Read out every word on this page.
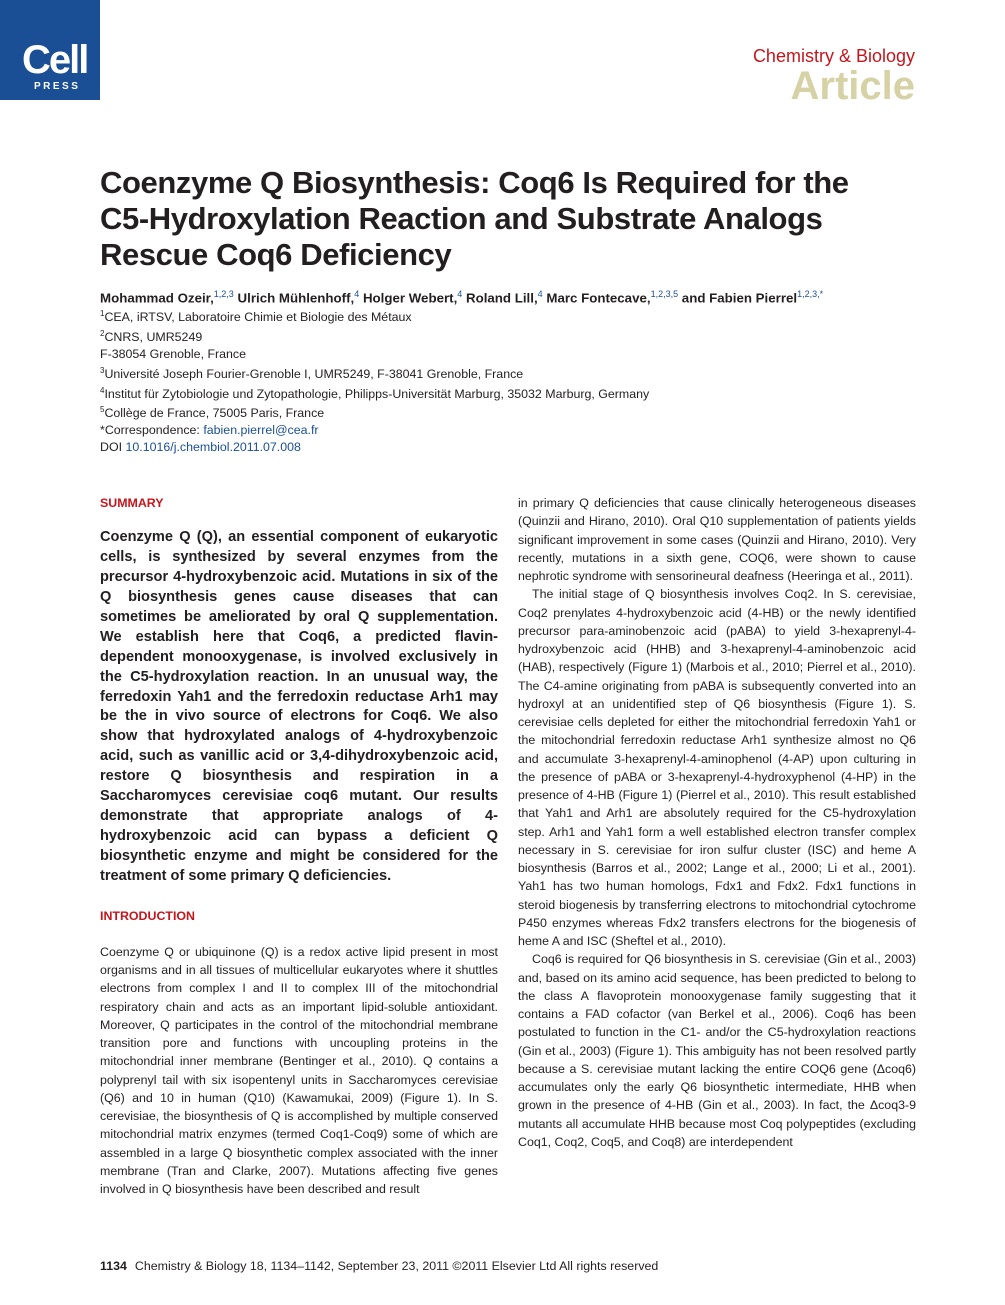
Cell
PRESS
Chemistry & Biology
Article
Coenzyme Q Biosynthesis: Coq6 Is Required for the C5-Hydroxylation Reaction and Substrate Analogs Rescue Coq6 Deficiency
Mohammad Ozeir,$^{1,2,3}$ Ulrich Mühlenhoff,$^4$ Holger Webert,$^4$ Roland Lill,$^4$ Marc Fontecave,$^{1,2,3,5}$ and Fabien Pierrel$^{1,2,3,*}$
$^1$CEA, iRTSV, Laboratoire Chimie et Biologie des Métaux
$^2$CNRS, UMR5249
F-38054 Grenoble, France
$^3$Université Joseph Fourier-Grenoble I, UMR5249, F-38041 Grenoble, France
$^4$Institut für Zytobiologie und Zytopathologie, Philipps-Universität Marburg, 35032 Marburg, Germany
$^5$Collège de France, 75005 Paris, France
*Correspondence: fabien.pierrel@cea.fr
DOI 10.1016/j.chembiol.2011.07.008
SUMMARY

Coenzyme Q (Q), an essential component of eukaryotic cells, is synthesized by several enzymes from the precursor 4-hydroxybenzoic acid. Mutations in six of the Q biosynthesis genes cause diseases that can sometimes be ameliorated by oral Q supplementation. We establish here that Coq6, a predicted flavin-dependent monooxygenase, is involved exclusively in the C5-hydroxylation reaction. In an unusual way, the ferredoxin Yah1 and the ferredoxin reductase Arh1 may be the in vivo source of electrons for Coq6. We also show that hydroxylated analogs of 4-hydroxybenzoic acid, such as vanillic acid or 3,4-dihydroxybenzoic acid, restore Q biosynthesis and respiration in a Saccharomyces cerevisiae coq6 mutant. Our results demonstrate that appropriate analogs of 4-hydroxybenzoic acid can bypass a deficient Q biosynthetic enzyme and might be considered for the treatment of some primary Q deficiencies.

INTRODUCTION

Coenzyme Q or ubiquinone (Q) is a redox active lipid present in most organisms and in all tissues of multicellular eukaryotes where it shuttles electrons from complex I and II to complex III of the mitochondrial respiratory chain and acts as an important lipid-soluble antioxidant. Moreover, Q participates in the control of the mitochondrial membrane transition pore and functions with uncoupling proteins in the mitochondrial inner membrane (Bentinger et al., 2010). Q contains a polyprenyl tail with six isopentenyl units in Saccharomyces cerevisiae (Q6) and 10 in human (Q10) (Kawamukai, 2009) (Figure 1). In S. cerevisiae, the biosynthesis of Q is accomplished by multiple conserved mitochondrial matrix enzymes (termed Coq1-Coq9) some of which are assembled in a large Q biosynthetic complex associated with the inner membrane (Tran and Clarke, 2007). Mutations affecting five genes involved in Q biosynthesis have been described and result

in primary Q deficiencies that cause clinically heterogeneous diseases (Quinzii and Hirano, 2010). Oral Q10 supplementation of patients yields significant improvement in some cases (Quinzii and Hirano, 2010). Very recently, mutations in a sixth gene, COQ6, were shown to cause nephrotic syndrome with sensorineural deafness (Heeringa et al., 2011).

The initial stage of Q biosynthesis involves Coq2. In S. cerevisiae, Coq2 prenylates 4-hydroxybenzoic acid (4-HB) or the newly identified precursor para-aminobenzoic acid (pABA) to yield 3-hexaprenyl-4-hydroxybenzoic acid (HHB) and 3-hexaprenyl-4-aminobenzoic acid (HAB), respectively (Figure 1) (Marbois et al., 2010; Pierrel et al., 2010). The C4-amine originating from pABA is subsequently converted into an hydroxyl at an unidentified step of Q6 biosynthesis (Figure 1). S. cerevisiae cells depleted for either the mitochondrial ferredoxin Yah1 or the mitochondrial ferredoxin reductase Arh1 synthesize almost no Q6 and accumulate 3-hexaprenyl-4-aminophenol (4-AP) upon culturing in the presence of pABA or 3-hexaprenyl-4-hydroxyphenol (4-HP) in the presence of 4-HB (Figure 1) (Pierrel et al., 2010). This result established that Yah1 and Arh1 are absolutely required for the C5-hydroxylation step. Arh1 and Yah1 form a well established electron transfer complex necessary in S. cerevisiae for iron sulfur cluster (ISC) and heme A biosynthesis (Barros et al., 2002; Lange et al., 2000; Li et al., 2001). Yah1 has two human homologs, Fdx1 and Fdx2. Fdx1 functions in steroid biogenesis by transferring electrons to mitochondrial cytochrome P450 enzymes whereas Fdx2 transfers electrons for the biogenesis of heme A and ISC (Sheftel et al., 2010).

Coq6 is required for Q6 biosynthesis in S. cerevisiae (Gin et al., 2003) and, based on its amino acid sequence, has been predicted to belong to the class A flavoprotein monooxygenase family suggesting that it contains a FAD cofactor (van Berkel et al., 2006). Coq6 has been postulated to function in the C1- and/or the C5-hydroxylation reactions (Gin et al., 2003) (Figure 1). This ambiguity has not been resolved partly because a S. cerevisiae mutant lacking the entire COQ6 gene (Δcoq6) accumulates only the early Q6 biosynthetic intermediate, HHB when grown in the presence of 4-HB (Gin et al., 2003). In fact, the Δcoq3-9 mutants all accumulate HHB because most Coq polypeptides (excluding Coq1, Coq2, Coq5, and Coq8) are interdependent

1134 Chemistry & Biology 18, 1134–1142, September 23, 2011 ©2011 Elsevier Ltd All rights reserved
